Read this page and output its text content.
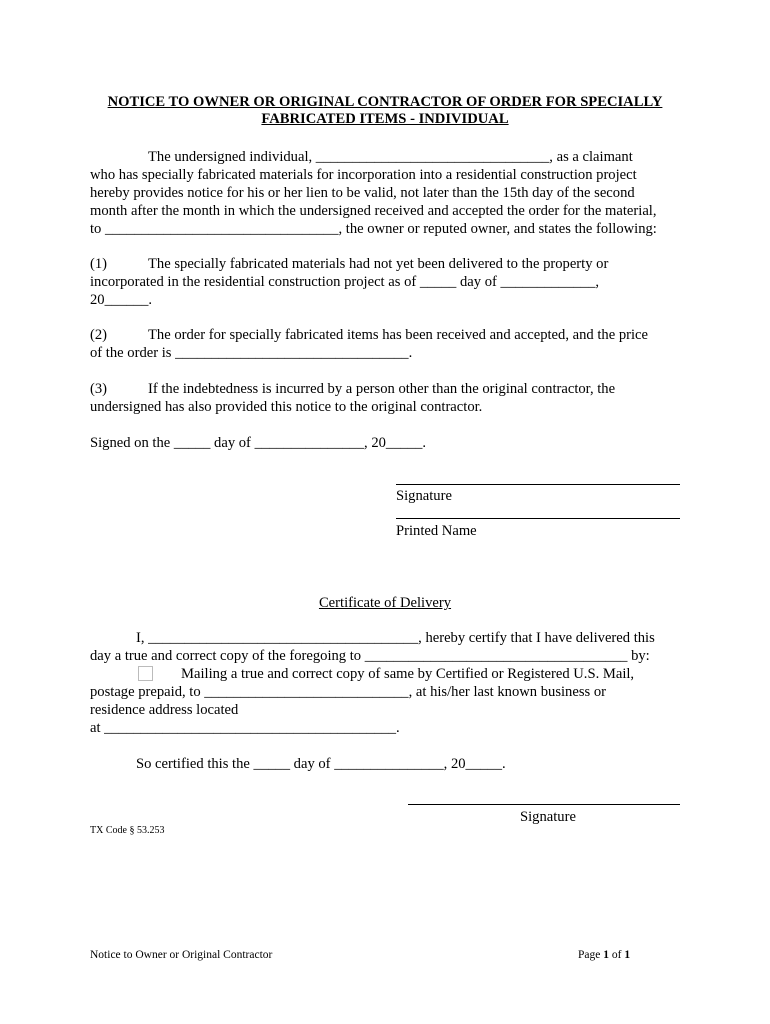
NOTICE TO OWNER OR ORIGINAL CONTRACTOR OF ORDER FOR SPECIALLY
FABRICATED ITEMS - INDIVIDUAL
The undersigned individual, ________________________________, as a claimant
who has specially fabricated materials for incorporation into a residential construction project
hereby provides notice for his or her lien to be valid, not later than the 15th day of the second
month after the month in which the undersigned received and accepted the order for the material,
to ________________________________, the owner or reputed owner, and states the following:
(1)	The specially fabricated materials had not yet been delivered to the property or
incorporated in the residential construction project as of _____ day of _____________,
20______.
(2)	The order for specially fabricated items has been received and accepted, and the price
of the order is ________________________________.
(3)	If the indebtedness is incurred by a person other than the original contractor, the
undersigned has also provided this notice to the original contractor.
Signed on the _____ day of _______________, 20_____.
Signature
Printed Name
Certificate of Delivery
I, _____________________________________, hereby certify that I have delivered this
day a true and correct copy of the foregoing to ____________________________________ by:
Mailing a true and correct copy of same by Certified or Registered U.S. Mail,
postage prepaid, to ____________________________, at his/her last known business or
residence address located
at ________________________________________.
So certified this the _____ day of _______________, 20_____.
Signature
TX Code § 53.253
Notice to Owner or Original Contractor	Page 1 of 1
